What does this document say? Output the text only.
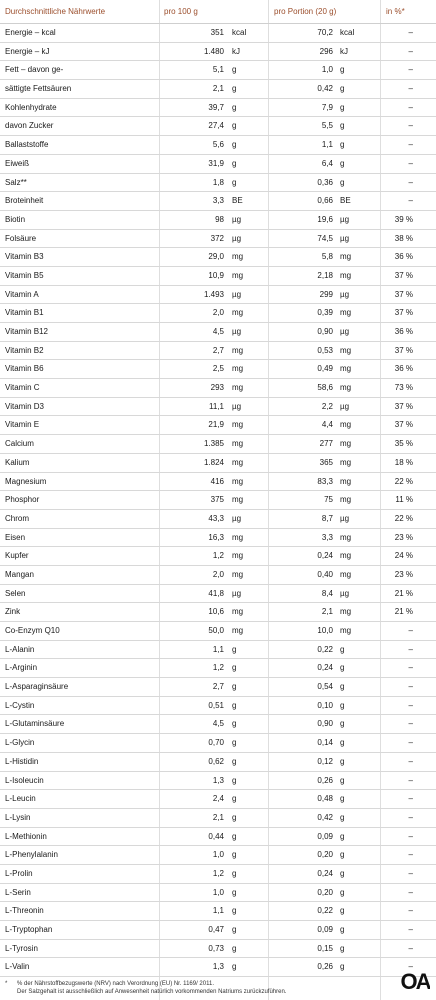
Durchschnittliche Nährwerte	pro 100 g	pro Portion (20 g)	in %*
Energie – kcal	351 kcal	70,2 kcal	–
Energie – kJ	1.480 kJ	296 kJ	–
Fett – davon ge-	5,1 g	1,0 g	–
sättigte Fettsäuren	2,1 g	0,42 g	–
Kohlenhydrate	39,7 g	7,9 g	–
davon Zucker	27,4 g	5,5 g	–
Ballaststoffe	5,6 g	1,1 g	–
Eiweiß	31,9 g	6,4 g	–
Salz**	1,8 g	0,36 g	–
Broteinheit	3,3 BE	0,66 BE	–
Biotin	98 µg	19,6 µg	39 %
Folsäure	372 µg	74,5 µg	38 %
Vitamin B3	29,0 mg	5,8 mg	36 %
Vitamin B5	10,9 mg	2,18 mg	37 %
Vitamin A	1.493 µg	299 µg	37 %
Vitamin B1	2,0 mg	0,39 mg	37 %
Vitamin B12	4,5 µg	0,90 µg	36 %
Vitamin B2	2,7 mg	0,53 mg	37 %
Vitamin B6	2,5 mg	0,49 mg	36 %
Vitamin C	293 mg	58,6 mg	73 %
Vitamin D3	11,1 µg	2,2 µg	37 %
Vitamin E	21,9 mg	4,4 mg	37 %
Calcium	1.385 mg	277 mg	35 %
Kalium	1.824 mg	365 mg	18 %
Magnesium	416 mg	83,3 mg	22 %
Phosphor	375 mg	75 mg	11 %
Chrom	43,3 µg	8,7 µg	22 %
Eisen	16,3 mg	3,3 mg	23 %
Kupfer	1,2 mg	0,24 mg	24 %
Mangan	2,0 mg	0,40 mg	23 %
Selen	41,8 µg	8,4 µg	21 %
Zink	10,6 mg	2,1 mg	21 %
Co-Enzym Q10	50,0 mg	10,0 mg	–
L-Alanin	1,1 g	0,22 g	–
L-Arginin	1,2 g	0,24 g	–
L-Asparaginsäure	2,7 g	0,54 g	–
L-Cystin	0,51 g	0,10 g	–
L-Glutaminsäure	4,5 g	0,90 g	–
L-Glycin	0,70 g	0,14 g	–
L-Histidin	0,62 g	0,12 g	–
L-Isoleucin	1,3 g	0,26 g	–
L-Leucin	2,4 g	0,48 g	–
L-Lysin	2,1 g	0,42 g	–
L-Methionin	0,44 g	0,09 g	–
L-Phenylalanin	1,0 g	0,20 g	–
L-Prolin	1,2 g	0,24 g	–
L-Serin	1,0 g	0,20 g	–
L-Threonin	1,1 g	0,22 g	–
L-Tryptophan	0,47 g	0,09 g	–
L-Tyrosin	0,73 g	0,15 g	–
L-Valin	1,3 g	0,26 g	–
*	% der Nährstoffbezugswerte (NRV) nach Verordnung (EU) Nr. 1169/ 2011.
Der Salzgehalt ist ausschließlich auf Anwesenheit natürlich vorkommenden Natriums zurückzuführen.	OA
